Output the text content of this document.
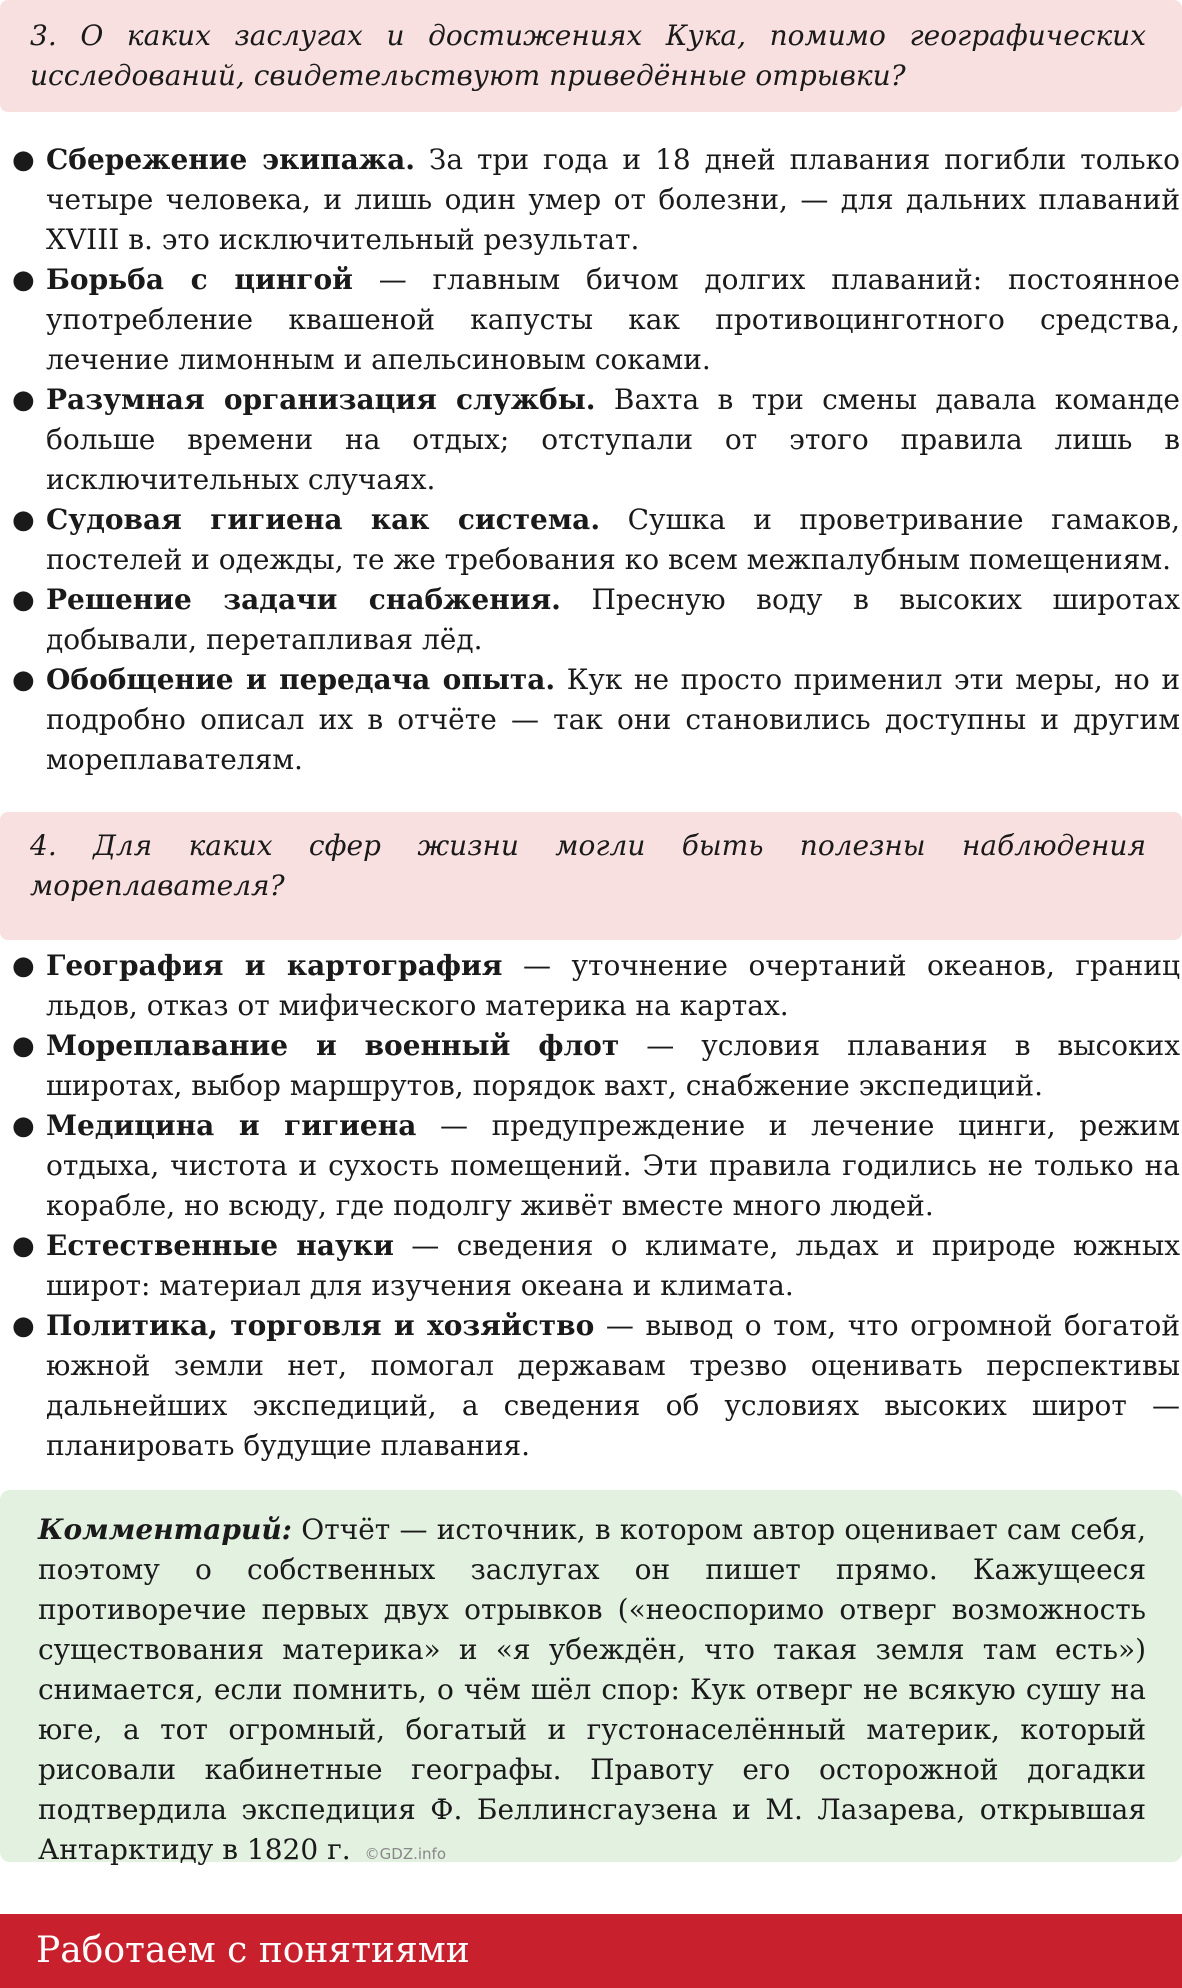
3. О каких заслугах и достижениях Кука, помимо географических исследований, свидетельствуют приведённые отрывки?
● Сбережение экипажа. За три года и 18 дней плавания погибли только четыре человека, и лишь один умер от болезни, — для дальних плаваний XVIII в. это исключительный результат.
● Борьба с цингой — главным бичом долгих плаваний: постоянное употребление квашеной капусты как противоцинготного средства, лечение лимонным и апельсиновым соками.
● Разумная организация службы. Вахта в три смены давала команде больше времени на отдых; отступали от этого правила лишь в исключительных случаях.
● Судовая гигиена как система. Сушка и проветривание гамаков, постелей и одежды, те же требования ко всем межпалубным помещениям.
● Решение задачи снабжения. Пресную воду в высоких широтах добывали, перетапливая лёд.
● Обобщение и передача опыта. Кук не просто применил эти меры, но и подробно описал их в отчёте — так они становились доступны и другим мореплавателям.
4. Для каких сфер жизни могли быть полезны наблюдения мореплавателя?
● География и картография — уточнение очертаний океанов, границ льдов, отказ от мифического материка на картах.
● Мореплавание и военный флот — условия плавания в высоких широтах, выбор маршрутов, порядок вахт, снабжение экспедиций.
● Медицина и гигиена — предупреждение и лечение цинги, режим отдыха, чистота и сухость помещений. Эти правила годились не только на корабле, но всюду, где подолгу живёт вместе много людей.
● Естественные науки — сведения о климате, льдах и природе южных широт: материал для изучения океана и климата.
● Политика, торговля и хозяйство — вывод о том, что огромной богатой южной земли нет, помогал державам трезво оценивать перспективы дальнейших экспедиций, а сведения об условиях высоких широт — планировать будущие плавания.
Комментарий: Отчёт — источник, в котором автор оценивает сам себя, поэтому о собственных заслугах он пишет прямо. Кажущееся противоречие первых двух отрывков («неоспоримо отверг возможность существования материка» и «я убеждён, что такая земля там есть») снимается, если помнить, о чём шёл спор: Кук отверг не всякую сушу на юге, а тот огромный, богатый и густонаселённый материк, который рисовали кабинетные географы. Правоту его осторожной догадки подтвердила экспедиция Ф. Беллинсгаузена и М. Лазарева, открывшая Антарктиду в 1820 г. ©GDZ.info
Работаем с понятиями
